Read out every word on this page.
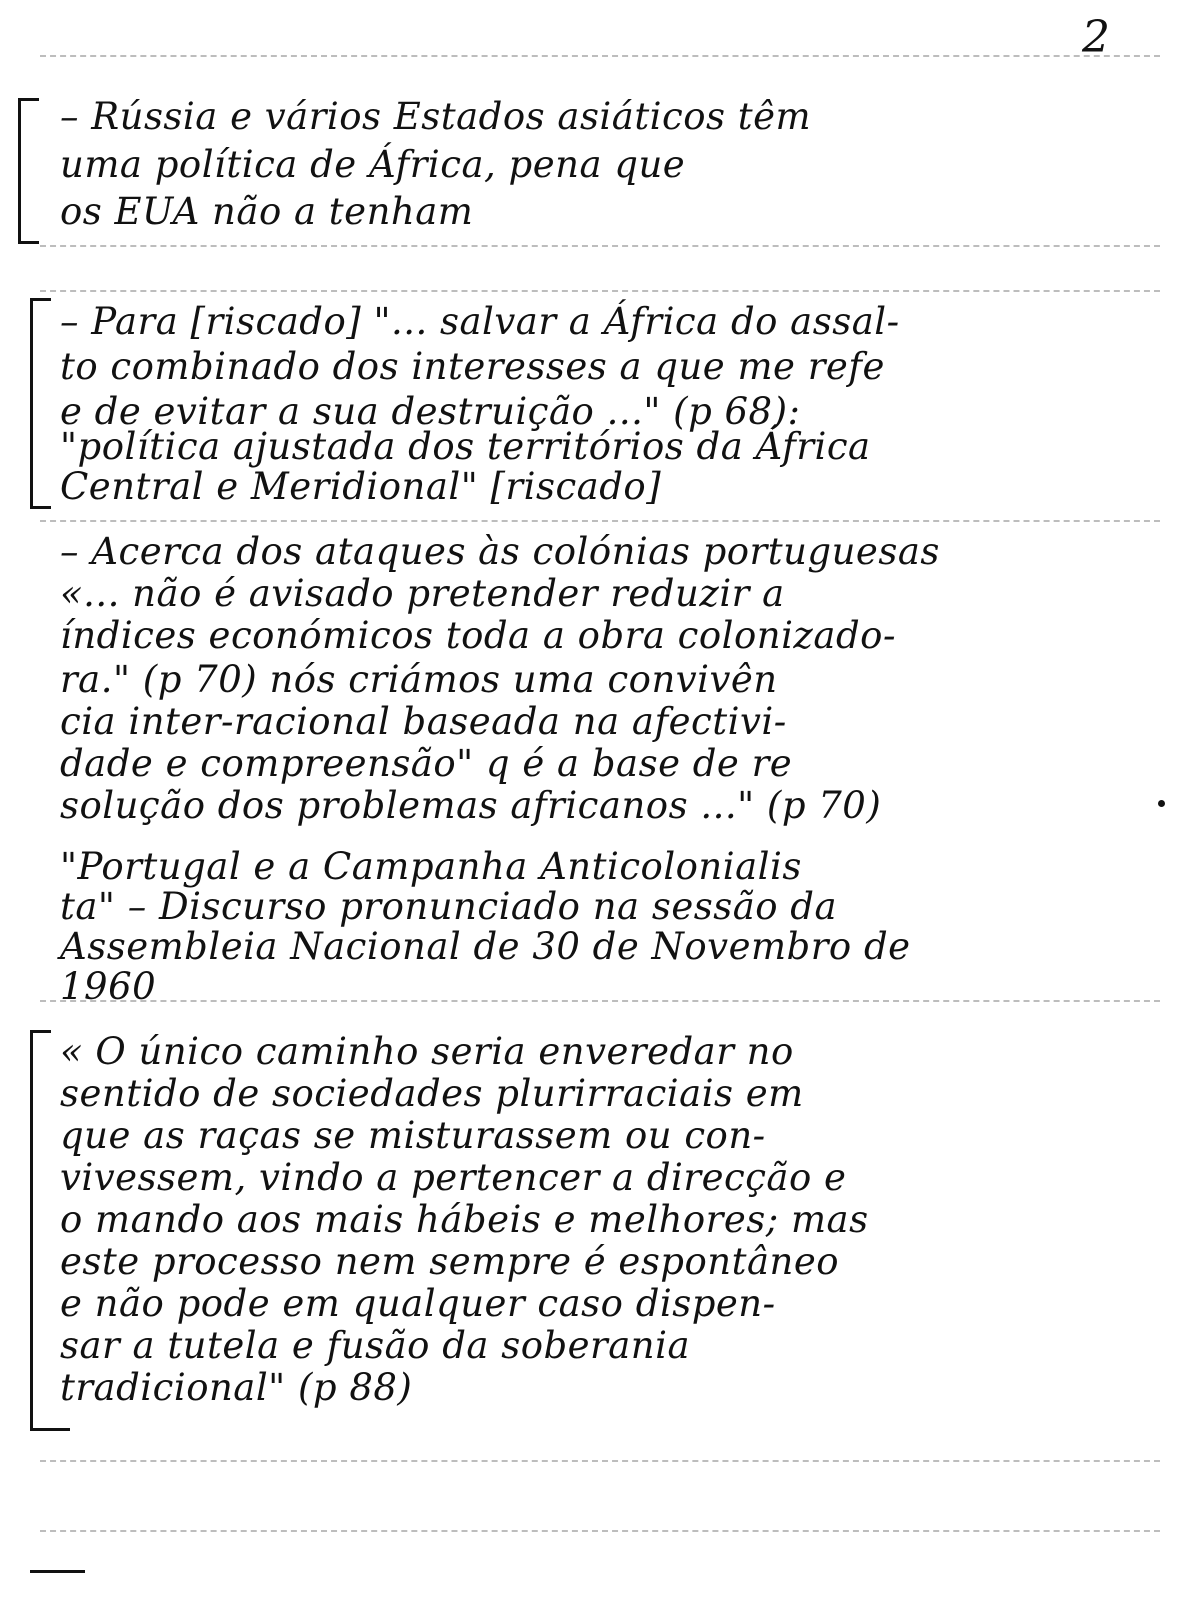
2
– Rússia e vários Estados asiáticos têm
uma política de África, pena que
os EUA não a tenham
– Para [riscado] "... salvar a África do assal-
to combinado dos interesses a que me refe
e de evitar a sua destruição ..." (p 68):
"política ajustada dos territórios da África
Central e Meridional" [riscado]
– Acerca dos ataques às colónias portuguesas
«... não é avisado pretender reduzir a
índices económicos toda a obra colonizado-
ra." (p 70) nós criámos uma convivên
cia inter-racional baseada na afectivi-
dade e compreensão" q é a base de re
solução dos problemas africanos ..." (p 70)
"Portugal e a Campanha Anticolonialis
ta" – Discurso pronunciado na sessão da
Assembleia Nacional de 30 de Novembro de
1960
« O único caminho seria enveredar no
sentido de sociedades plurirraciais em
que as raças se misturassem ou con-
vivessem, vindo a pertencer a direcção e
o mando aos mais hábeis e melhores; mas
este processo nem sempre é espontâneo
e não pode em qualquer caso dispen-
sar a tutela e fusão da soberania
tradicional" (p 88)
